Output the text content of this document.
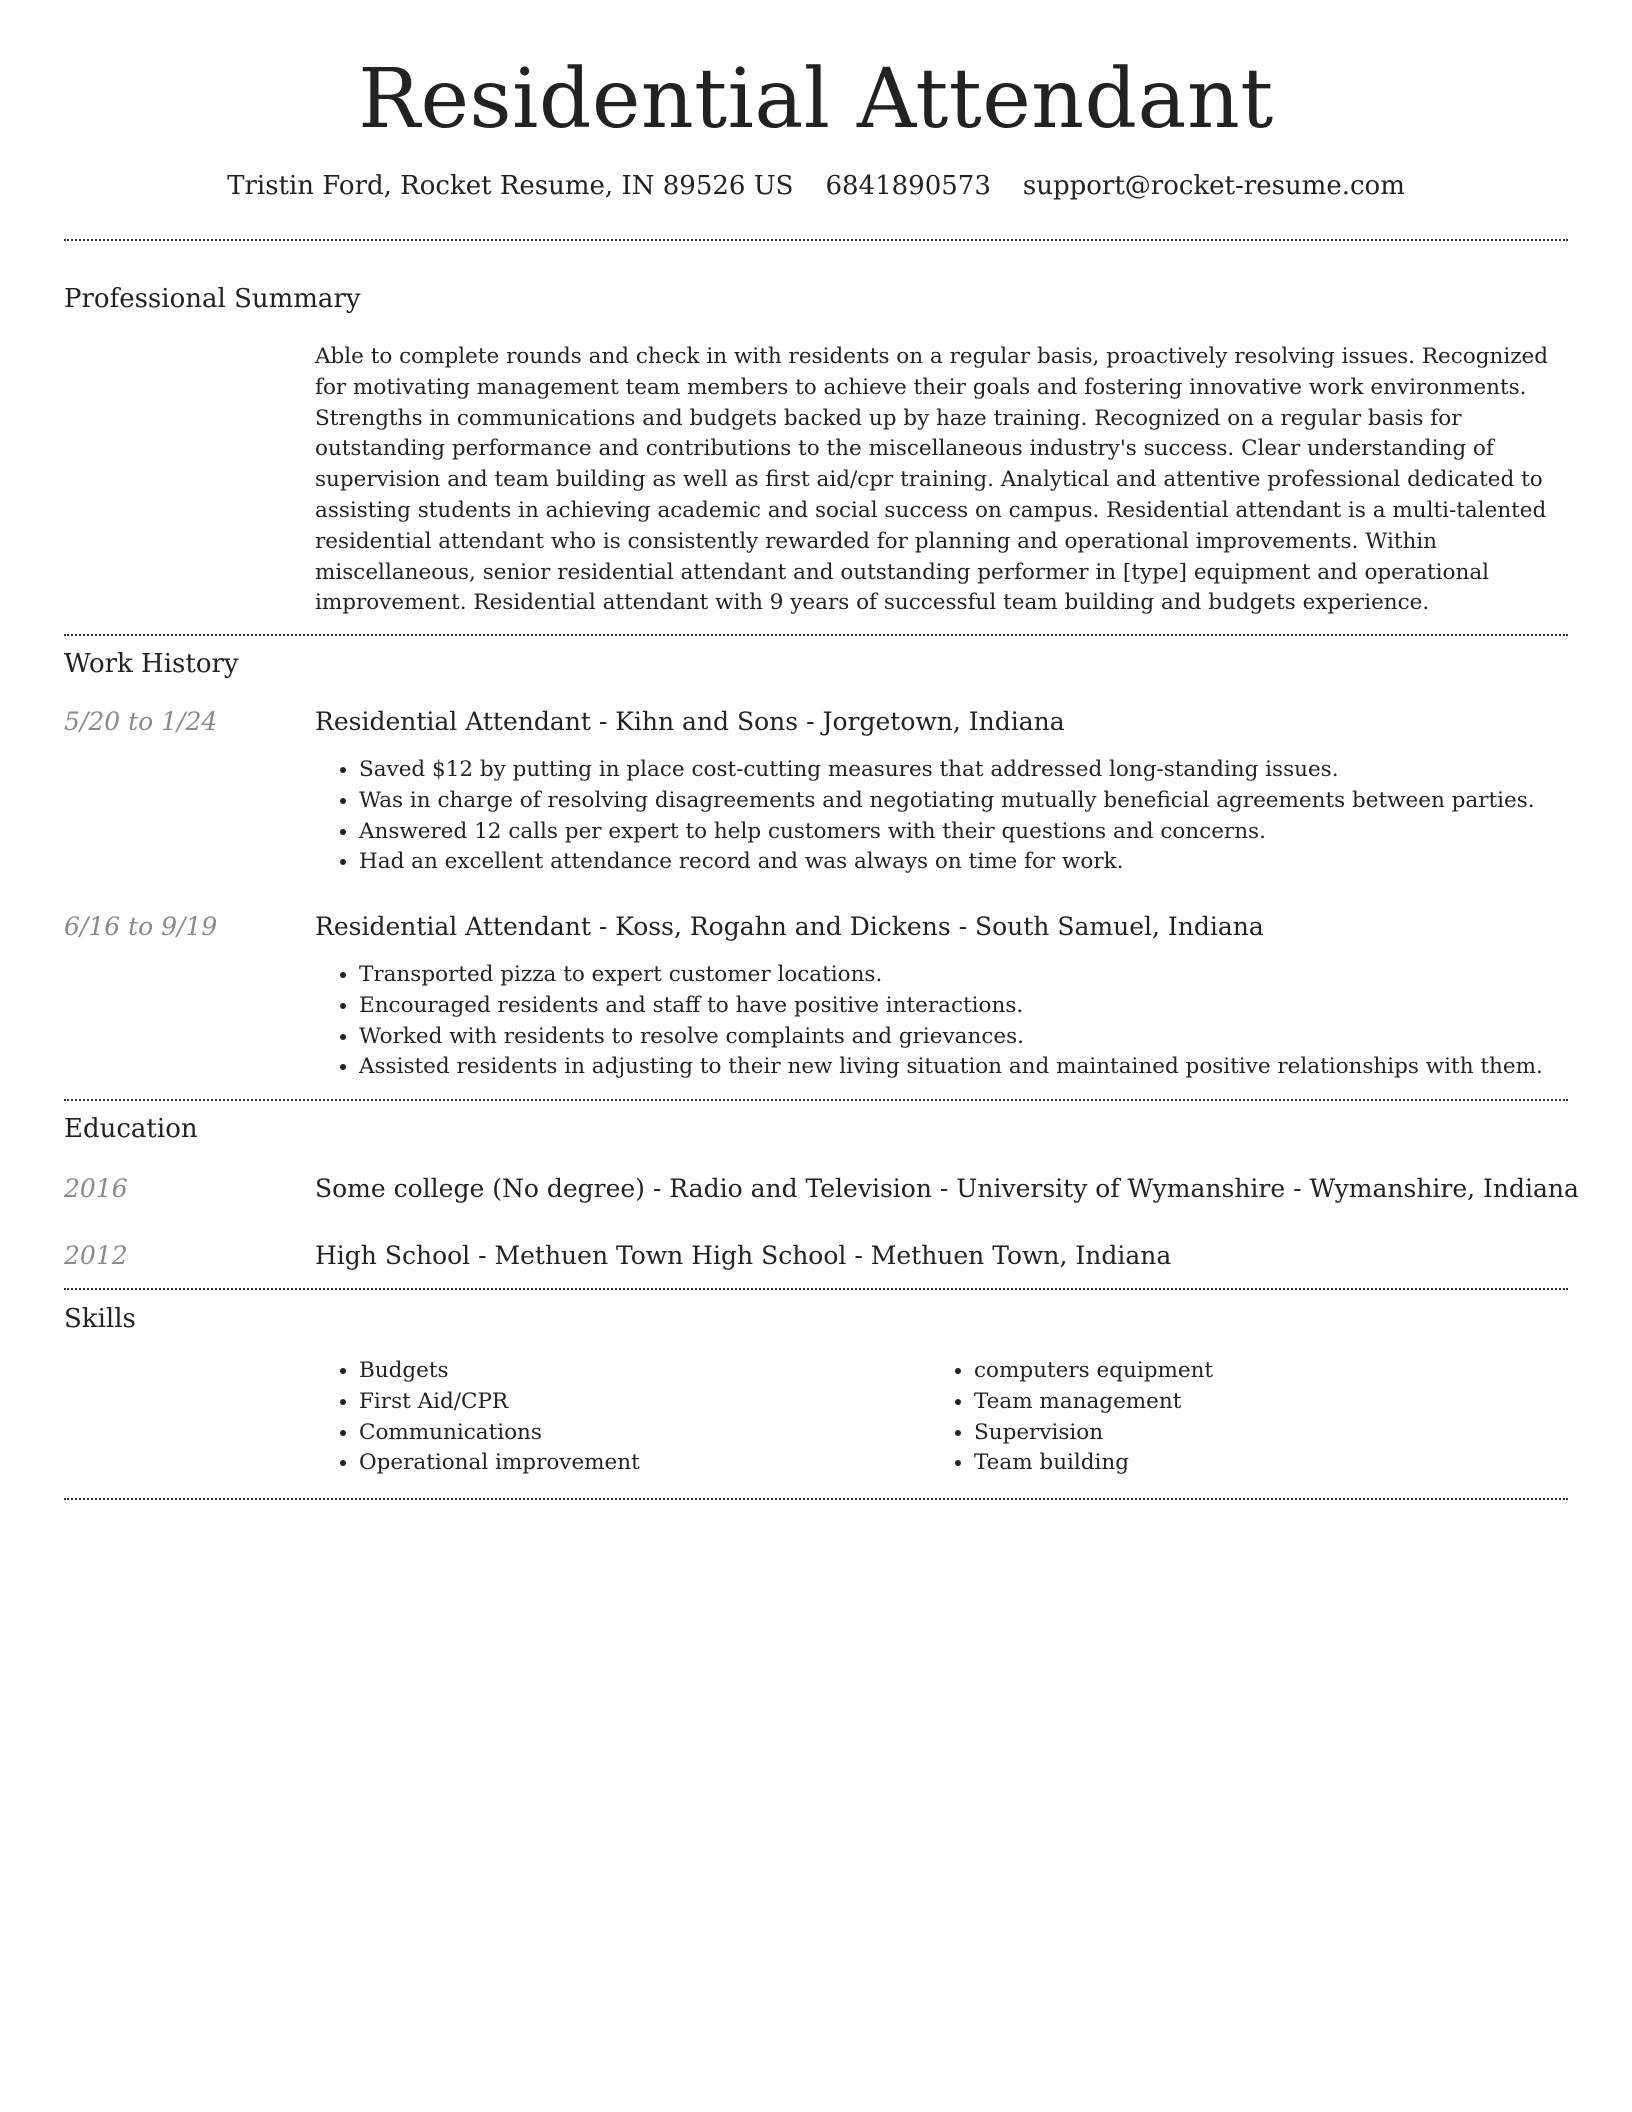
Residential Attendant
Tristin Ford, Rocket Resume, IN 89526 US 6841890573 support@rocket-resume.com
Professional Summary
Able to complete rounds and check in with residents on a regular basis, proactively resolving issues. Recognized for motivating management team members to achieve their goals and fostering innovative work environments. Strengths in communications and budgets backed up by haze training. Recognized on a regular basis for outstanding performance and contributions to the miscellaneous industry's success. Clear understanding of supervision and team building as well as first aid/cpr training. Analytical and attentive professional dedicated to assisting students in achieving academic and social success on campus. Residential attendant is a multi-talented residential attendant who is consistently rewarded for planning and operational improvements. Within miscellaneous, senior residential attendant and outstanding performer in [type] equipment and operational improvement. Residential attendant with 9 years of successful team building and budgets experience.
Work History
5/20 to 1/24	Residential Attendant - Kihn and Sons - Jorgetown, Indiana
• Saved $12 by putting in place cost-cutting measures that addressed long-standing issues.
• Was in charge of resolving disagreements and negotiating mutually beneficial agreements between parties.
• Answered 12 calls per expert to help customers with their questions and concerns.
• Had an excellent attendance record and was always on time for work.
6/16 to 9/19	Residential Attendant - Koss, Rogahn and Dickens - South Samuel, Indiana
• Transported pizza to expert customer locations.
• Encouraged residents and staff to have positive interactions.
• Worked with residents to resolve complaints and grievances.
• Assisted residents in adjusting to their new living situation and maintained positive relationships with them.
Education
2016	Some college (No degree) - Radio and Television - University of Wymanshire - Wymanshire, Indiana
2012	High School - Methuen Town High School - Methuen Town, Indiana
Skills
• Budgets
• First Aid/CPR
• Communications
• Operational improvement
• computers equipment
• Team management
• Supervision
• Team building
